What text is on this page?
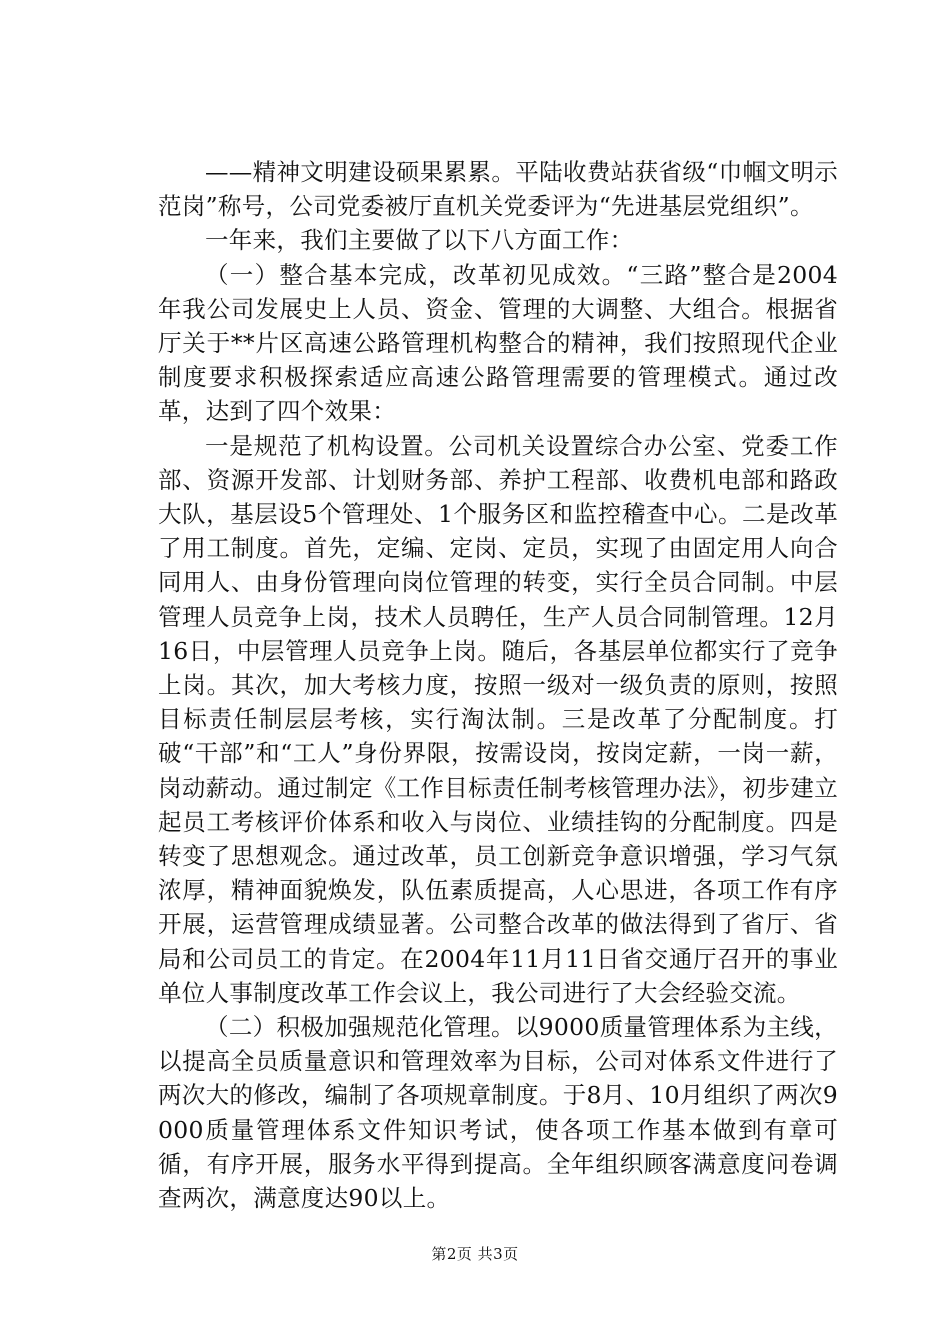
——精神文明建设硕果累累。平陆收费站获省级“巾帼文明示范岗”称号，公司党委被厅直机关党委评为“先进基层党组织”。

一年来，我们主要做了以下八方面工作：

（一）整合基本完成，改革初见成效。“三路”整合是2004年我公司发展史上人员、资金、管理的大调整、大组合。根据省厅关于**片区高速公路管理机构整合的精神，我们按照现代企业制度要求积极探索适应高速公路管理需要的管理模式。通过改革，达到了四个效果：

一是规范了机构设置。公司机关设置综合办公室、党委工作部、资源开发部、计划财务部、养护工程部、收费机电部和路政大队，基层设5个管理处、1个服务区和监控稽查中心。二是改革了用工制度。首先，定编、定岗、定员，实现了由固定用人向合同用人、由身份管理向岗位管理的转变，实行全员合同制。中层管理人员竞争上岗，技术人员聘任，生产人员合同制管理。12月16日，中层管理人员竞争上岗。随后，各基层单位都实行了竞争上岗。其次，加大考核力度，按照一级对一级负责的原则，按照目标责任制层层考核，实行淘汰制。三是改革了分配制度。打破“干部”和“工人”身份界限，按需设岗，按岗定薪，一岗一薪，岗动薪动。通过制定《工作目标责任制考核管理办法》，初步建立起员工考核评价体系和收入与岗位、业绩挂钩的分配制度。四是转变了思想观念。通过改革，员工创新竞争意识增强，学习气氛浓厚，精神面貌焕发，队伍素质提高，人心思进，各项工作有序开展，运营管理成绩显著。公司整合改革的做法得到了省厅、省局和公司员工的肯定。在2004年11月11日省交通厅召开的事业单位人事制度改革工作会议上，我公司进行了大会经验交流。

（二）积极加强规范化管理。以9000质量管理体系为主线，以提高全员质量意识和管理效率为目标，公司对体系文件进行了两次大的修改，编制了各项规章制度。于8月、10月组织了两次9000质量管理体系文件知识考试，使各项工作基本做到有章可循，有序开展，服务水平得到提高。全年组织顾客满意度问卷调查两次，满意度达90以上。

第2页 共3页
